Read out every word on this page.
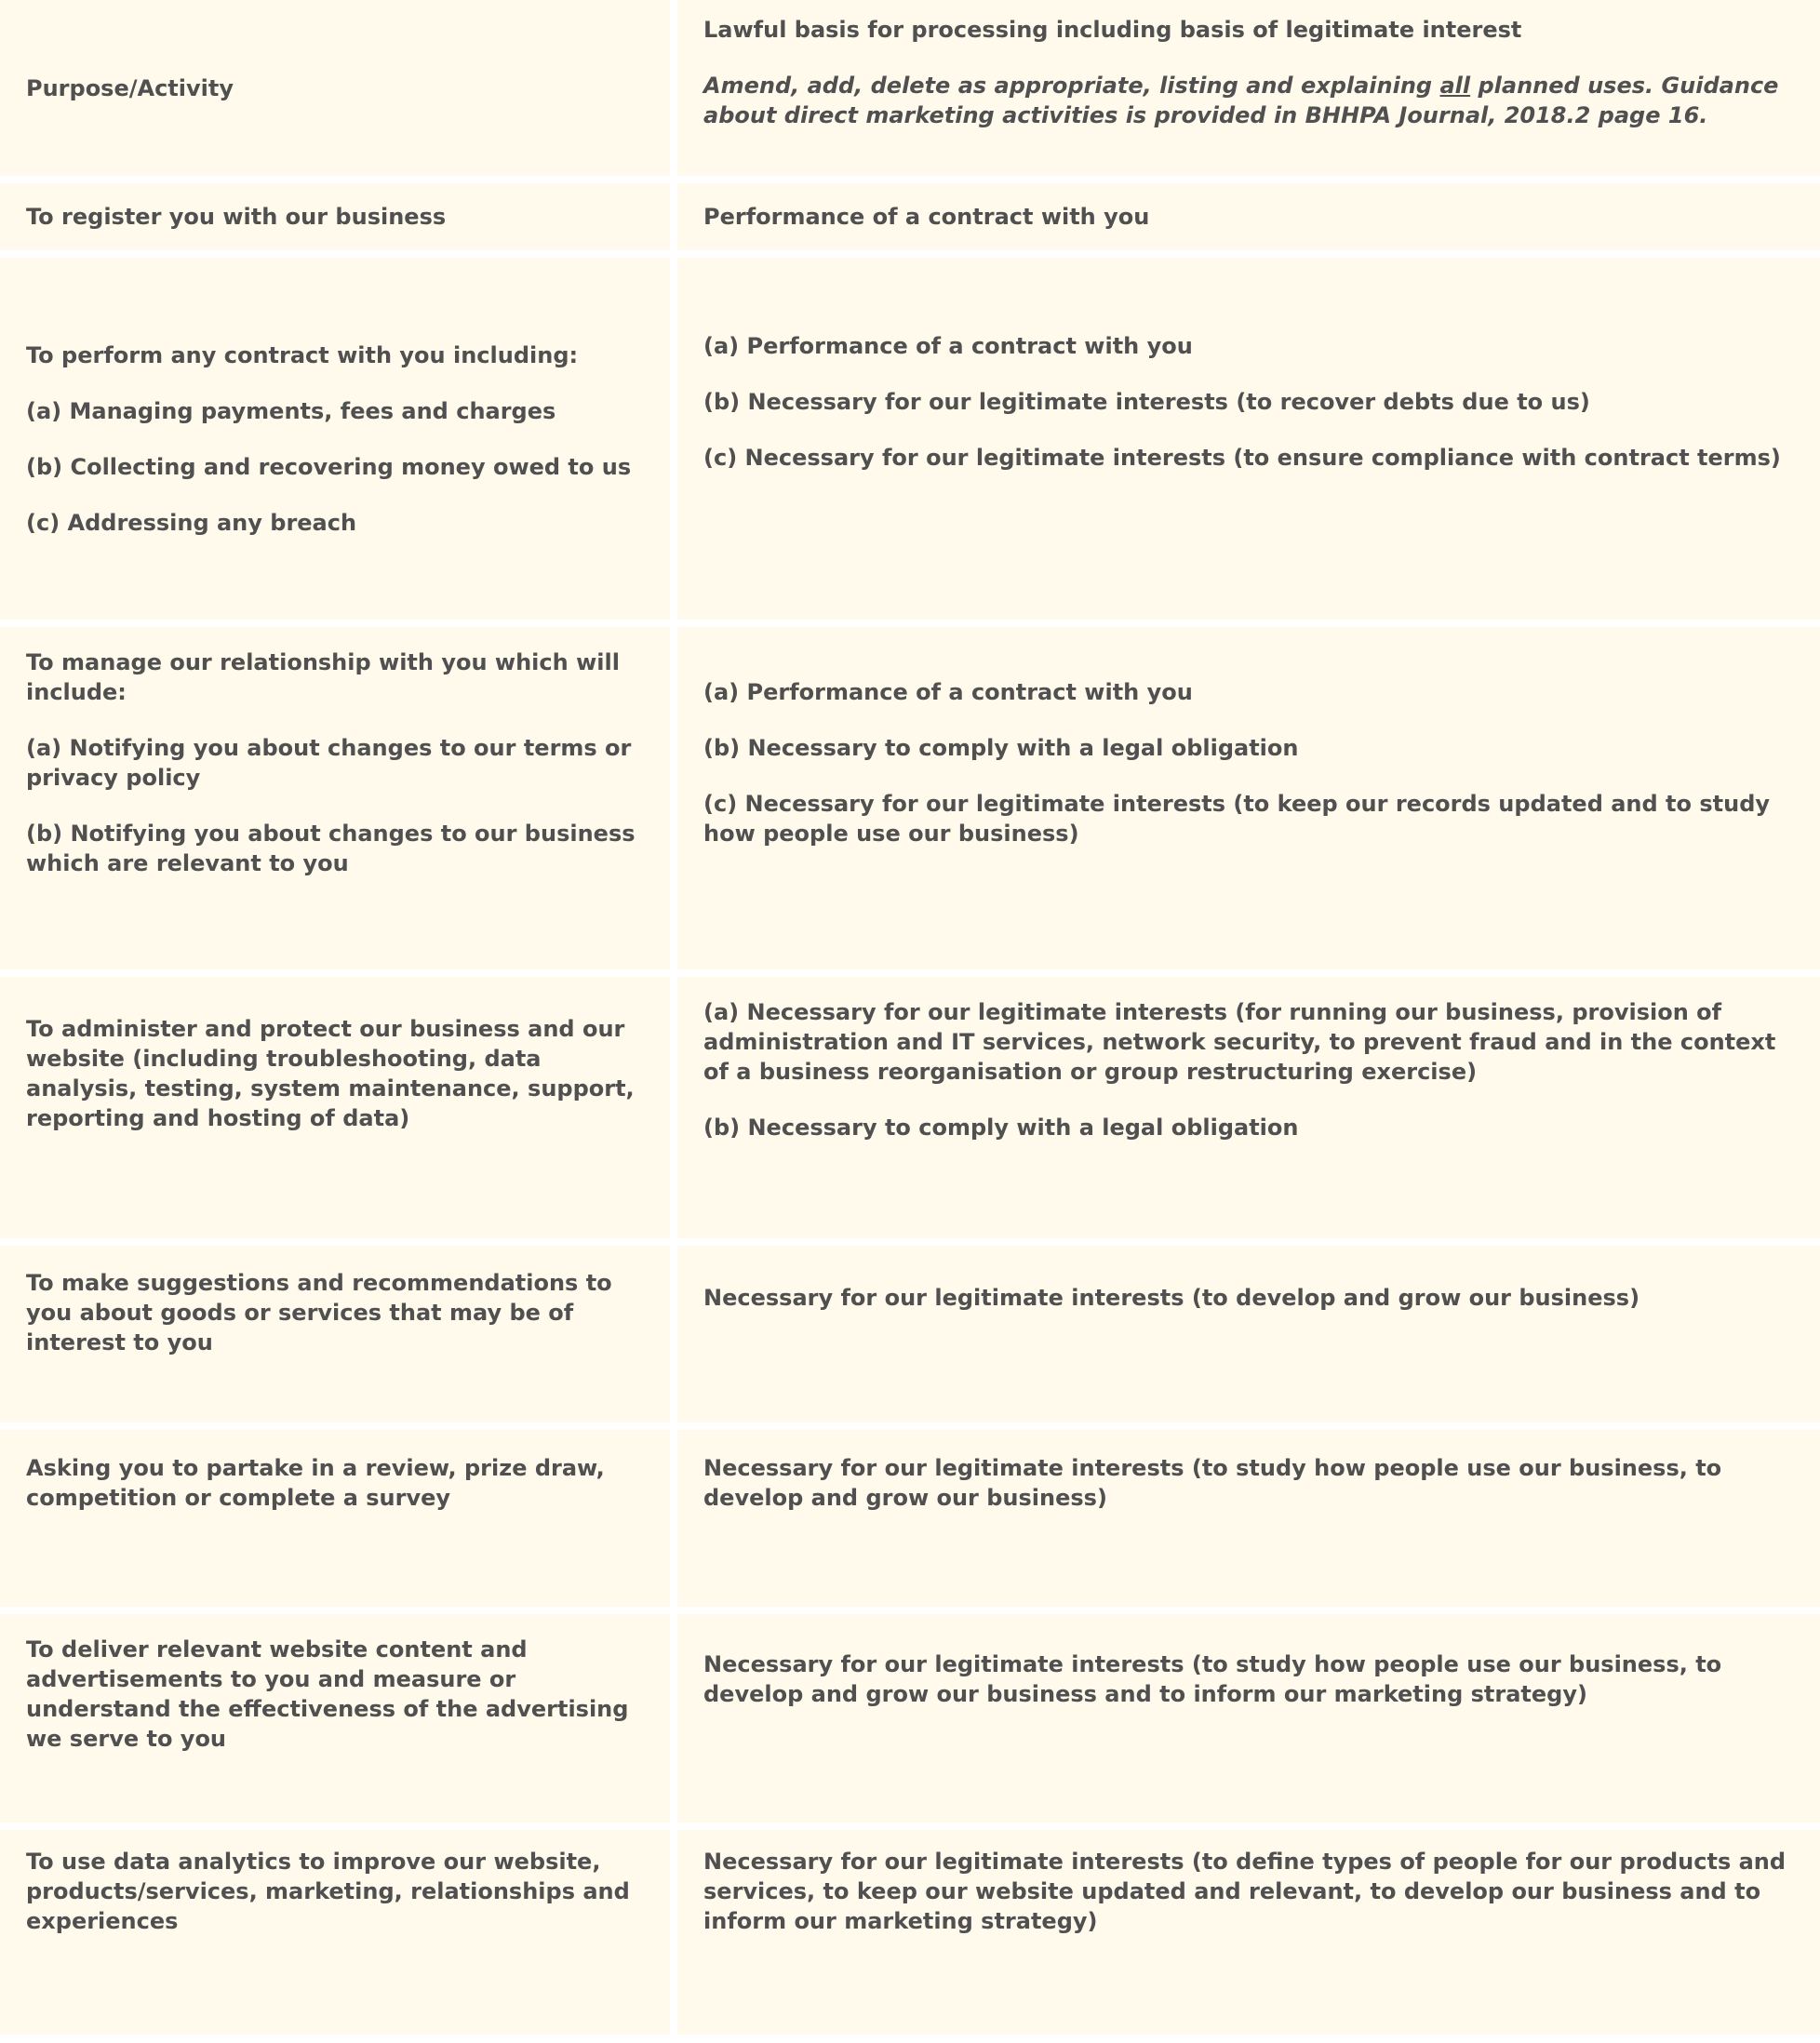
Purpose/Activity

Lawful basis for processing including basis of legitimate interest

Amend, add, delete as appropriate, listing and explaining all planned uses. Guidance about direct marketing activities is provided in BHHPA Journal, 2018.2 page 16.

To register you with our business	Performance of a contract with you

To perform any contract with you including:

(a) Managing payments, fees and charges

(b) Collecting and recovering money owed to us

(c) Addressing any breach

(a) Performance of a contract with you

(b) Necessary for our legitimate interests (to recover debts due to us)

(c) Necessary for our legitimate interests (to ensure compliance with contract terms)

To manage our relationship with you which will include:

(a) Notifying you about changes to our terms or privacy policy

(b) Notifying you about changes to our business which are relevant to you

(a) Performance of a contract with you

(b) Necessary to comply with a legal obligation

(c) Necessary for our legitimate interests (to keep our records updated and to study how people use our business)

To administer and protect our business and our website (including troubleshooting, data analysis, testing, system maintenance, support, reporting and hosting of data)

(a) Necessary for our legitimate interests (for running our business, provision of administration and IT services, network security, to prevent fraud and in the context of a business reorganisation or group restructuring exercise)

(b) Necessary to comply with a legal obligation

To make suggestions and recommendations to you about goods or services that may be of interest to you

Necessary for our legitimate interests (to develop and grow our business)

Asking you to partake in a review, prize draw, competition or complete a survey

Necessary for our legitimate interests (to study how people use our business, to develop and grow our business)

To deliver relevant website content and advertisements to you and measure or understand the effectiveness of the advertising we serve to you

Necessary for our legitimate interests (to study how people use our business, to develop and grow our business and to inform our marketing strategy)

To use data analytics to improve our website, products/services, marketing, relationships and experiences

Necessary for our legitimate interests (to define types of people for our products and services, to keep our website updated and relevant, to develop our business and to inform our marketing strategy)
